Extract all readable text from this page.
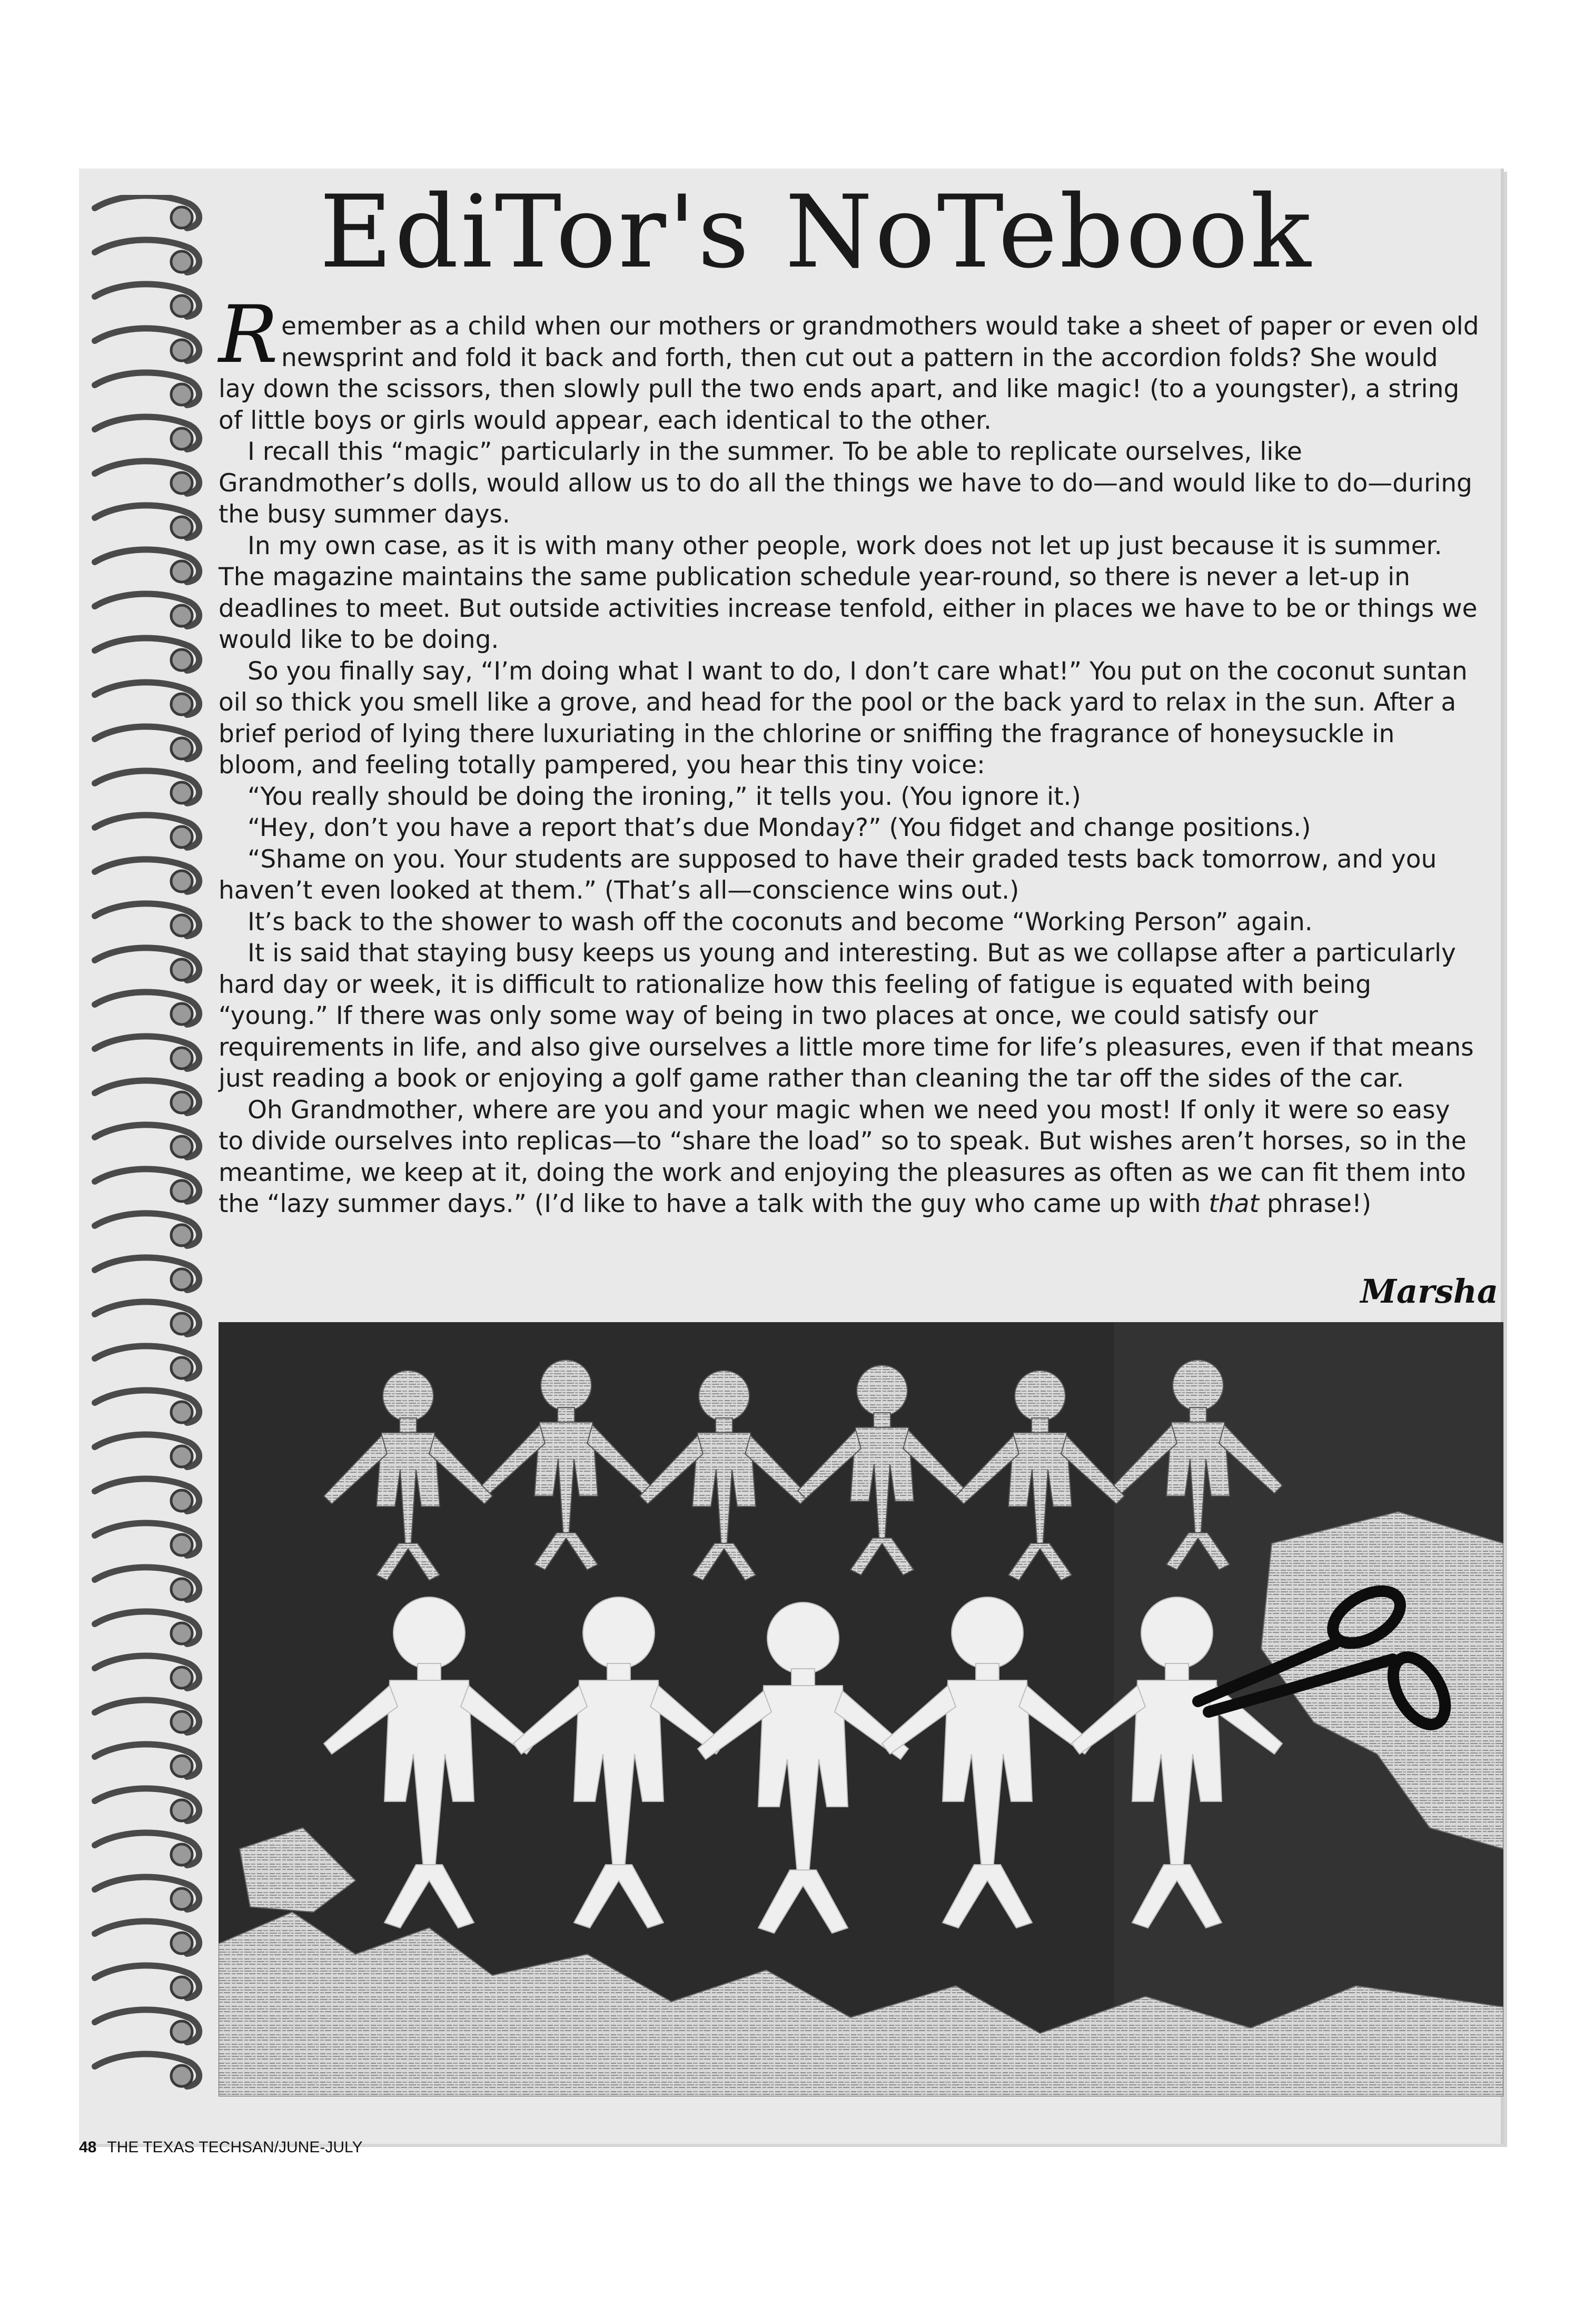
EdiTor's NoTebook

Remember as a child when our mothers or grandmothers would take a sheet of paper or even old newsprint and fold it back and forth, then cut out a pattern in the accordion folds? She would lay down the scissors, then slowly pull the two ends apart, and like magic! (to a youngster), a string of little boys or girls would appear, each identical to the other.

I recall this “magic” particularly in the summer. To be able to replicate ourselves, like Grandmother’s dolls, would allow us to do all the things we have to do—and would like to do—during the busy summer days.

In my own case, as it is with many other people, work does not let up just because it is summer. The magazine maintains the same publication schedule year-round, so there is never a let-up in deadlines to meet. But outside activities increase tenfold, either in places we have to be or things we would like to be doing.

So you finally say, “I’m doing what I want to do, I don’t care what!” You put on the coconut suntan oil so thick you smell like a grove, and head for the pool or the back yard to relax in the sun. After a brief period of lying there luxuriating in the chlorine or sniffing the fragrance of honeysuckle in bloom, and feeling totally pampered, you hear this tiny voice:

“You really should be doing the ironing,” it tells you. (You ignore it.)

“Hey, don’t you have a report that’s due Monday?” (You fidget and change positions.)

“Shame on you. Your students are supposed to have their graded tests back tomorrow, and you haven’t even looked at them.” (That’s all—conscience wins out.)

It’s back to the shower to wash off the coconuts and become “Working Person” again.

It is said that staying busy keeps us young and interesting. But as we collapse after a particularly hard day or week, it is difficult to rationalize how this feeling of fatigue is equated with being “young.” If there was only some way of being in two places at once, we could satisfy our requirements in life, and also give ourselves a little more time for life’s pleasures, even if that means just reading a book or enjoying a golf game rather than cleaning the tar off the sides of the car.

Oh Grandmother, where are you and your magic when we need you most! If only it were so easy to divide ourselves into replicas—to “share the load” so to speak. But wishes aren’t horses, so in the meantime, we keep at it, doing the work and enjoying the pleasures as often as we can fit them into the “lazy summer days.” (I’d like to have a talk with the guy who came up with that phrase!)

Marsha
48 THE TEXAS TECHSAN/JUNE-JULY
